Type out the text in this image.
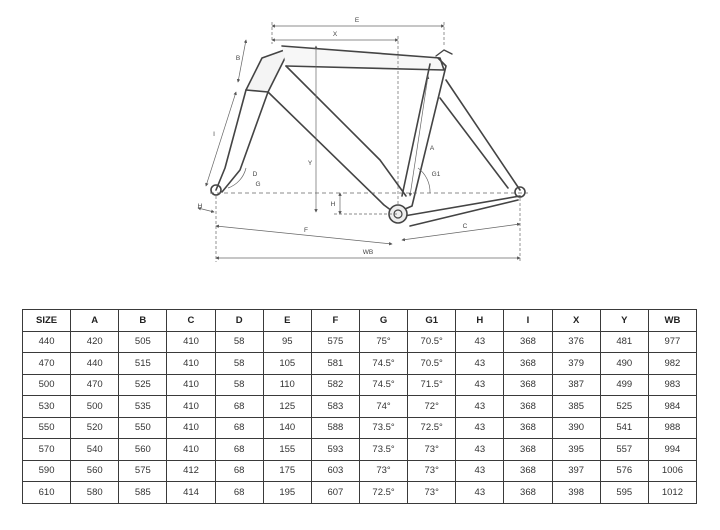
E
X
B
I
D
Y
H
H
A
G1
G
F
C
WB
SIZE	A	B	C	D	E	F	G	G1	H	I	X	Y	WB
440	420	505	410	58	95	575	75°	70.5°	43	368	376	481	977
470	440	515	410	58	105	581	74.5°	70.5°	43	368	379	490	982
500	470	525	410	58	110	582	74.5°	71.5°	43	368	387	499	983
530	500	535	410	68	125	583	74°	72°	43	368	385	525	984
550	520	550	410	68	140	588	73.5°	72.5°	43	368	390	541	988
570	540	560	410	68	155	593	73.5°	73°	43	368	395	557	994
590	560	575	412	68	175	603	73°	73°	43	368	397	576	1006
610	580	585	414	68	195	607	72.5°	73°	43	368	398	595	1012
